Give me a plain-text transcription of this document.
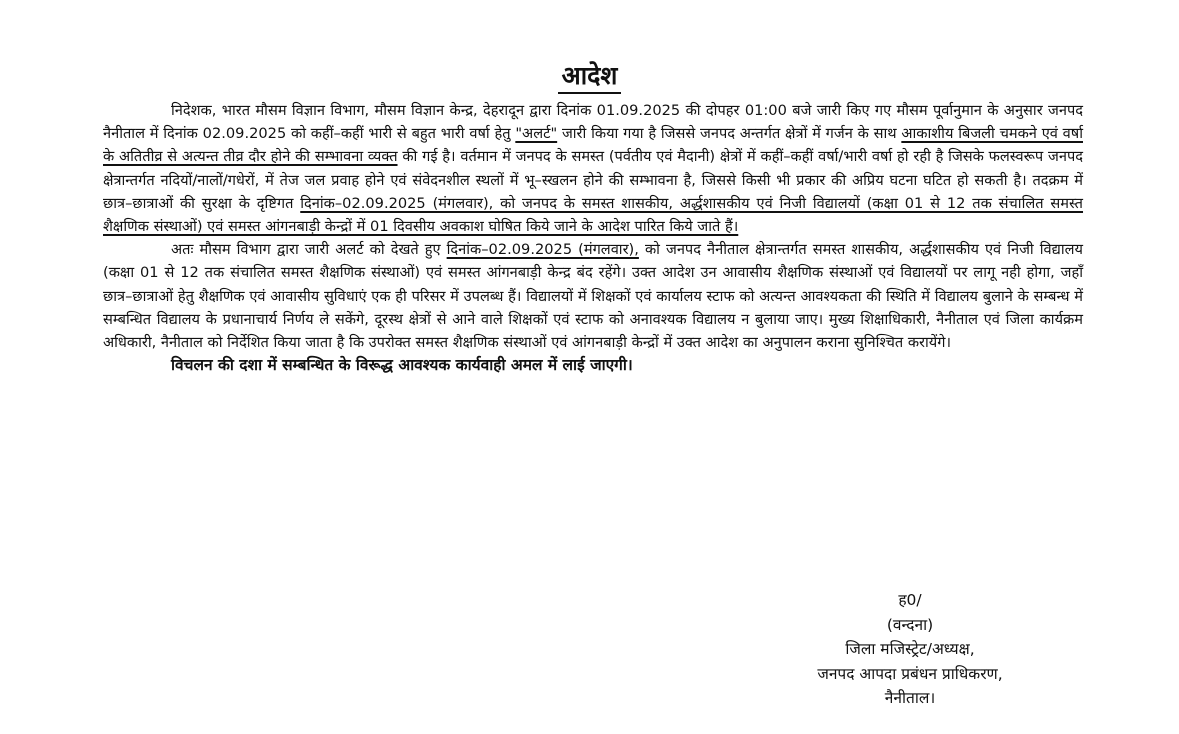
आदेश

निदेशक, भारत मौसम विज्ञान विभाग, मौसम विज्ञान केन्द्र, देहरादून द्वारा दिनांक 01.09.2025 की दोपहर 01:00 बजे जारी किए गए मौसम पूर्वानुमान के अनुसार जनपद नैनीताल में दिनांक 02.09.2025 को कहीं–कहीं भारी से बहुत भारी वर्षा हेतु "अलर्ट" जारी किया गया है जिससे जनपद अन्तर्गत क्षेत्रों में गर्जन के साथ आकाशीय बिजली चमकने एवं वर्षा के अतितीव्र से अत्यन्त तीव्र दौर होने की सम्भावना व्यक्त की गई है। वर्तमान में जनपद के समस्त (पर्वतीय एवं मैदानी) क्षेत्रों में कहीं–कहीं वर्षा/भारी वर्षा हो रही है जिसके फलस्वरूप जनपद क्षेत्रान्तर्गत नदियों/नालों/गधेरों, में तेज जल प्रवाह होने एवं संवेदनशील स्थलों में भू–स्खलन होने की सम्भावना है, जिससे किसी भी प्रकार की अप्रिय घटना घटित हो सकती है। तदक्रम में छात्र–छात्राओं की सुरक्षा के दृष्टिगत दिनांक–02.09.2025 (मंगलवार), को जनपद के समस्त शासकीय, अर्द्धशासकीय एवं निजी विद्यालयों (कक्षा 01 से 12 तक संचालित समस्त शैक्षणिक संस्थाओं) एवं समस्त आंगनबाड़ी केन्द्रों में 01 दिवसीय अवकाश घोषित किये जाने के आदेश पारित किये जाते हैं।

अतः मौसम विभाग द्वारा जारी अलर्ट को देखते हुए दिनांक–02.09.2025 (मंगलवार), को जनपद नैनीताल क्षेत्रान्तर्गत समस्त शासकीय, अर्द्धशासकीय एवं निजी विद्यालय (कक्षा 01 से 12 तक संचालित समस्त शैक्षणिक संस्थाओं) एवं समस्त आंगनबाड़ी केन्द्र बंद रहेंगे। उक्त आदेश उन आवासीय शैक्षणिक संस्थाओं एवं विद्यालयों पर लागू नही होगा, जहॉं छात्र–छात्राओं हेतु शैक्षणिक एवं आवासीय सुविधाएं एक ही परिसर में उपलब्ध हैं। विद्यालयों में शिक्षकों एवं कार्यालय स्टाफ को अत्यन्त आवश्यकता की स्थिति में विद्यालय बुलाने के सम्बन्ध में सम्बन्धित विद्यालय के प्रधानाचार्य निर्णय ले सकेंगे, दूरस्थ क्षेत्रों से आने वाले शिक्षकों एवं स्टाफ को अनावश्यक विद्यालय न बुलाया जाए। मुख्य शिक्षाधिकारी, नैनीताल एवं जिला कार्यक्रम अधिकारी, नैनीताल को निर्देशित किया जाता है कि उपरोक्त समस्त शैक्षणिक संस्थाओं एवं आंगनबाड़ी केन्द्रों में उक्त आदेश का अनुपालन कराना सुनिश्चित करायेंगे।

विचलन की दशा में सम्बन्धित के विरूद्ध आवश्यक कार्यवाही अमल में लाई जाएगी।

ह0/
(वन्दना)
जिला मजिस्ट्रेट/अध्यक्ष,
जनपद आपदा प्रबंधन प्राधिकरण,
नैनीताल।
